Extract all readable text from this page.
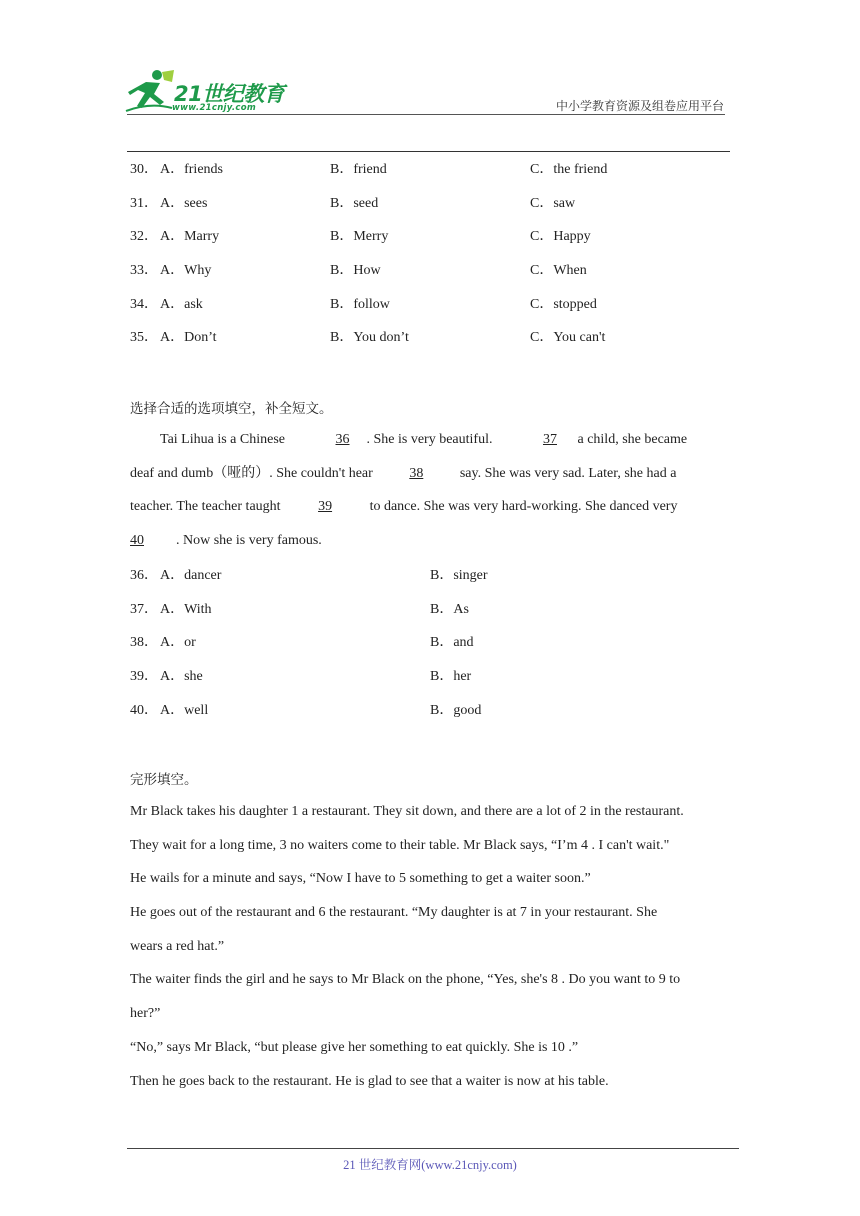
21世纪教育
www.21cnjy.com	中小学教育资源及组卷应用平台
30． A．friends	B．friend	C．the friend
31． A．sees	B．seed	C．saw
32． A．Marry	B．Merry	C．Happy
33． A．Why	B．How	C．When
34． A．ask	B．follow	C．stopped
35． A．Don’t	B．You don’t	C．You can't
选择合适的选项填空，补全短文。
Tai Lihua is a Chinese	36 . She is very beautiful.	37 a child, she became
deaf and dumb（哑的）. She couldn't hear 38 say. She was very sad. Later, she had a
teacher. The teacher taught 39 to dance. She was very hard-working. She danced very
40 . Now she is very famous.
36． A．dancer	B．singer
37． A．With	B．As
38． A．or	B．and
39． A．she	B．her
40． A．well	B．good
完形填空。
Mr Black takes his daughter 1 a restaurant. They sit down, and there are a lot of 2 in the restaurant.
They wait for a long time, 3 no waiters come to their table. Mr Black says, “I’m 4 . I can't wait."
He wails for a minute and says, “Now I have to 5 something to get a waiter soon.”
He goes out of the restaurant and 6 the restaurant. “My daughter is at 7 in your restaurant. She
wears a red hat.”
The waiter finds the girl and he says to Mr Black on the phone, “Yes, she's 8 . Do you want to 9 to
her?”
“No,” says Mr Black, “but please give her something to eat quickly. She is 10 .”
Then he goes back to the restaurant. He is glad to see that a waiter is now at his table.
21 世纪教育网(www.21cnjy.com)
